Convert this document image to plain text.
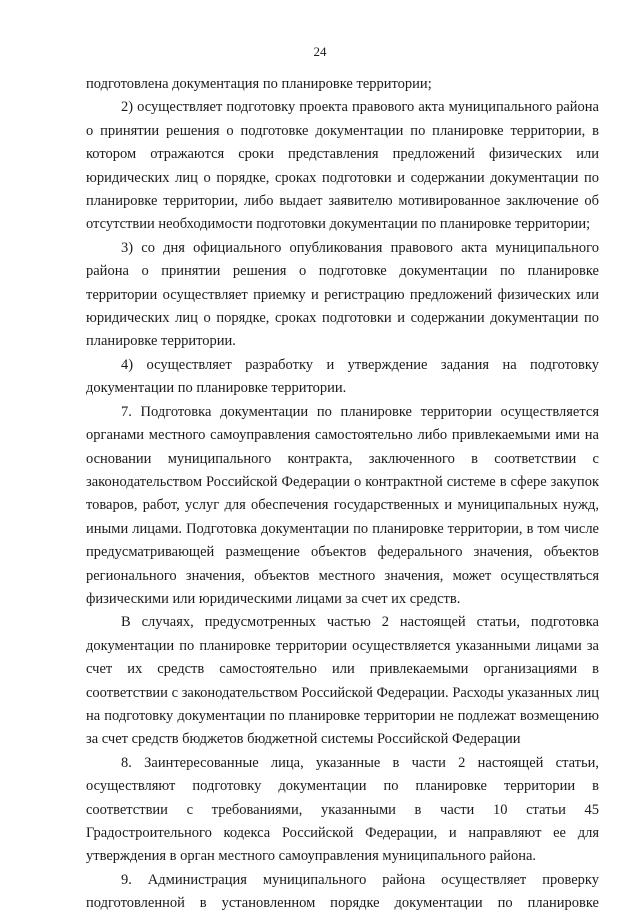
24

подготовлена документация по планировке территории;

2) осуществляет подготовку проекта правового акта муниципального района о принятии решения о подготовке документации по планировке территории, в котором отражаются сроки представления предложений физических или юридических лиц о порядке, сроках подготовки и содержании документации по планировке территории, либо выдает заявителю мотивированное заключение об отсутствии необходимости подготовки документации по планировке территории;

3) со дня официального опубликования правового акта муниципального района о принятии решения о подготовке документации по планировке территории осуществляет приемку и регистрацию предложений физических или юридических лиц о порядке, сроках подготовки и содержании документации по планировке территории.

4) осуществляет разработку и утверждение задания на подготовку документации по планировке территории.

7. Подготовка документации по планировке территории осуществляется органами местного самоуправления самостоятельно либо привлекаемыми ими на основании муниципального контракта, заключенного в соответствии с законодательством Российской Федерации о контрактной системе в сфере закупок товаров, работ, услуг для обеспечения государственных и муниципальных нужд, иными лицами. Подготовка документации по планировке территории, в том числе предусматривающей размещение объектов федерального значения, объектов регионального значения, объектов местного значения, может осуществляться физическими или юридическими лицами за счет их средств.

В случаях, предусмотренных частью 2 настоящей статьи, подготовка документации по планировке территории осуществляется указанными лицами за счет их средств самостоятельно или привлекаемыми организациями в соответствии с законодательством Российской Федерации. Расходы указанных лиц на подготовку документации по планировке территории не подлежат возмещению за счет средств бюджетов бюджетной системы Российской Федерации

8. Заинтересованные лица, указанные в части 2 настоящей статьи, осуществляют подготовку документации по планировке территории в соответствии с требованиями, указанными в части 10 статьи 45 Градостроительного кодекса Российской Федерации, и направляют ее для утверждения в орган местного самоуправления муниципального района.

9. Администрация муниципального района осуществляет проверку подготовленной в установленном порядке документации по планировке
